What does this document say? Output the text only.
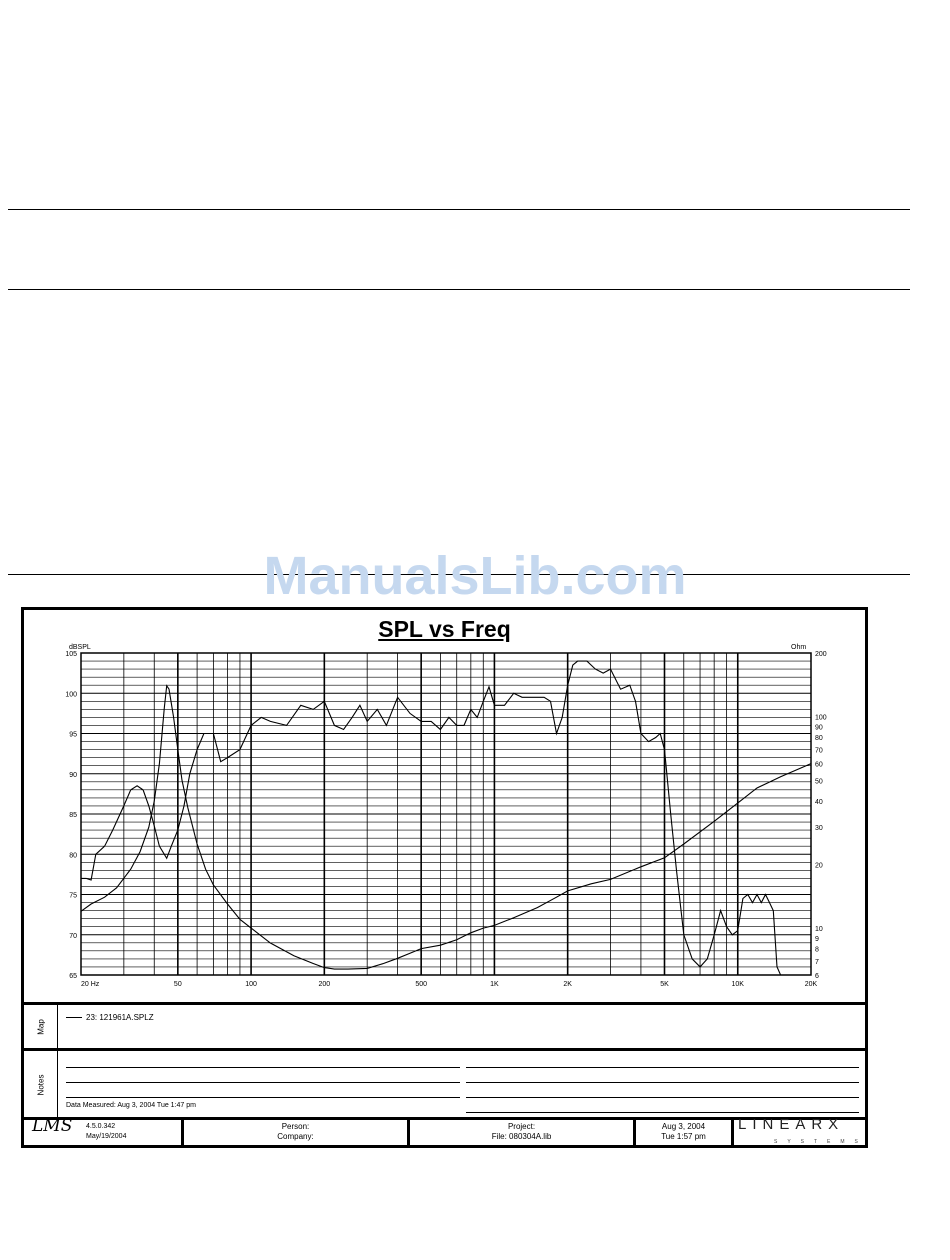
SPL vs Freq
dBSPL	Ohm
65
70
75
80
85
90
95
100
105	200
100
90
80
70
60
50
40
30
20
10
9
8
7
6
20 Hz	50	100	200	500	1K	2K	5K	10K	20K
Map
23: 121961A.SPLZ
Notes
Data Measured: Aug 3, 2004 Tue 1:47 pm
LMS 4.5.0.342
May/19/2004
Person:
Company:
Project:
File: 080304A.lib
Aug 3, 2004
Tue 1:57 pm
LINEARX
SYSTEMS
ManualsLib.com
